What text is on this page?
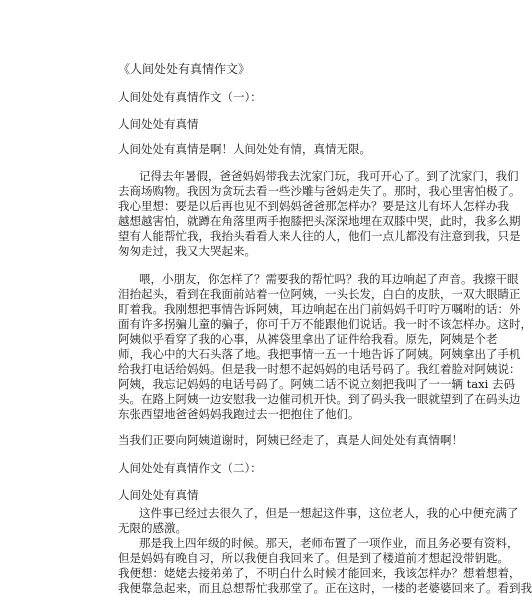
《人间处处有真情作文》
人间处处有真情作文（一）：
人间处处有真情
人间处处有真情是啊！人间处处有情，真情无限。
记得去年暑假，爸爸妈妈带我去沈家门玩，我可开心了。到了沈家门，我们
去商场购物。我因为贪玩去看一些沙雕与爸妈走失了。那时，我心里害怕极了。
我心里想：要是以后再也见不到妈妈爸爸那怎样办？要是这儿有坏人怎样办我
越想越害怕，就蹲在角落里两手抱膝把头深深地埋在双膝中哭，此时，我多么期
望有人能帮忙我，我抬头看看人来人往的人，他们一点儿都没有注意到我，只是
匆匆走过，我又大哭起来。
喂，小朋友，你怎样了？需要我的帮忙吗？我的耳边响起了声音。我擦干眼
泪抬起头，看到在我面前站着一位阿姨，一头长发，白白的皮肤，一双大眼睛正
盯着我。我刚想把事情告诉阿姨，耳边响起在出门前妈妈千叮咛万嘱咐的话：外
面有许多拐骗儿童的骗子，你可千万不能跟他们说话。我一时不该怎样办。这时，
阿姨似乎看穿了我的心事，从裤袋里拿出了证件给我看。原先，阿姨是个老
师，我心中的大石头落了地。我把事情一五一十地告诉了阿姨。阿姨拿出了手机
给我打电话给妈妈。但是我一时想不起妈妈的电话号码了。我红着脸对阿姨说：
阿姨，我忘记妈妈的电话号码了。阿姨二话不说立刻把我叫了一一辆 taxi 去码
头。在路上阿姨一边安慰我一边催司机开快。到了码头我一眼就望到了在码头边
东张西望地爸爸妈妈我跑过去一把抱住了他们。
当我们正要向阿姨道谢时，阿姨已经走了，真是人间处处有真情啊！
人间处处有真情作文（二）：
人间处处有真情
这件事已经过去很久了，但是一想起这件事，这位老人，我的心中便充满了
无限的感激。
那是我上四年级的时候。那天，老师布置了一项作业，而且务必要有资料，
但是妈妈有晚自习，所以我便自我回来了。但是到了楼道前才想起没带钥匙。
我便想：姥姥去接弟弟了，不明白什么时候才能回来，我该怎样办？想着想着，
我便靠急起来，而且总想帮忙我那堂了。正在这时，一楼的老婆婆回来了。看到我
